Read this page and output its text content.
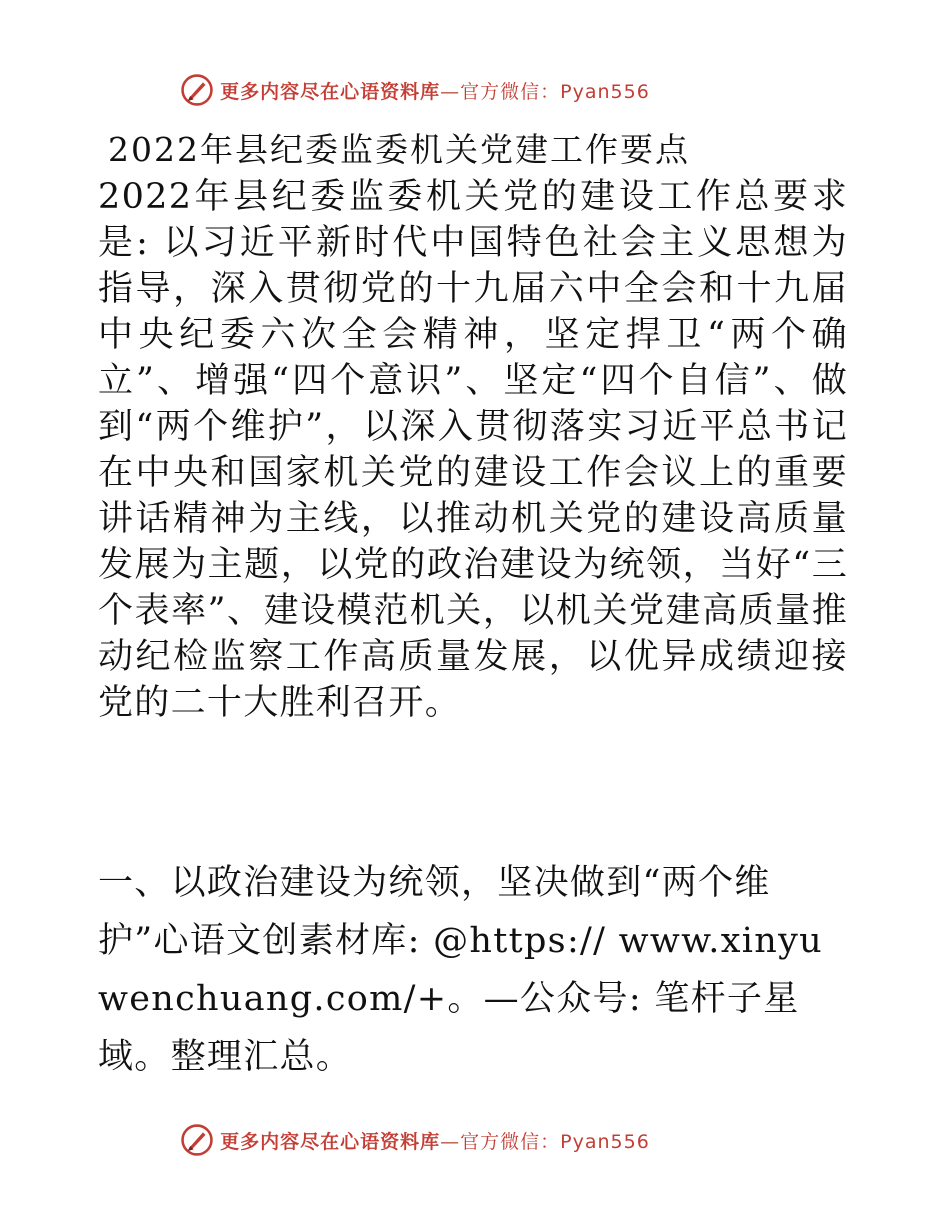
更多内容尽在心语资料库—官方微信：Pyan556
2022年县纪委监委机关党建工作要点
2022年县纪委监委机关党的建设工作总要求是: 以习近平新时代中国特色社会主义思想为指导，深入贯彻党的十九届六中全会和十九届中央纪委六次全会精神，坚定捍卫“两个确立”、增强“四个意识”、坚定“四个自信”、做到“两个维护”，以深入贯彻落实习近平总书记在中央和国家机关党的建设工作会议上的重要讲话精神为主线，以推动机关党的建设高质量发展为主题，以党的政治建设为统领，当好“三个表率”、建设模范机关，以机关党建高质量推动纪检监察工作高质量发展，以优异成绩迎接党的二十大胜利召开。
一、以政治建设为统领，坚决做到“两个维护”心语文创素材库: @https:// www.xinyuwenchuang.com/+。—公众号: 笔杆子星域。整理汇总。
更多内容尽在心语资料库—官方微信：Pyan556
